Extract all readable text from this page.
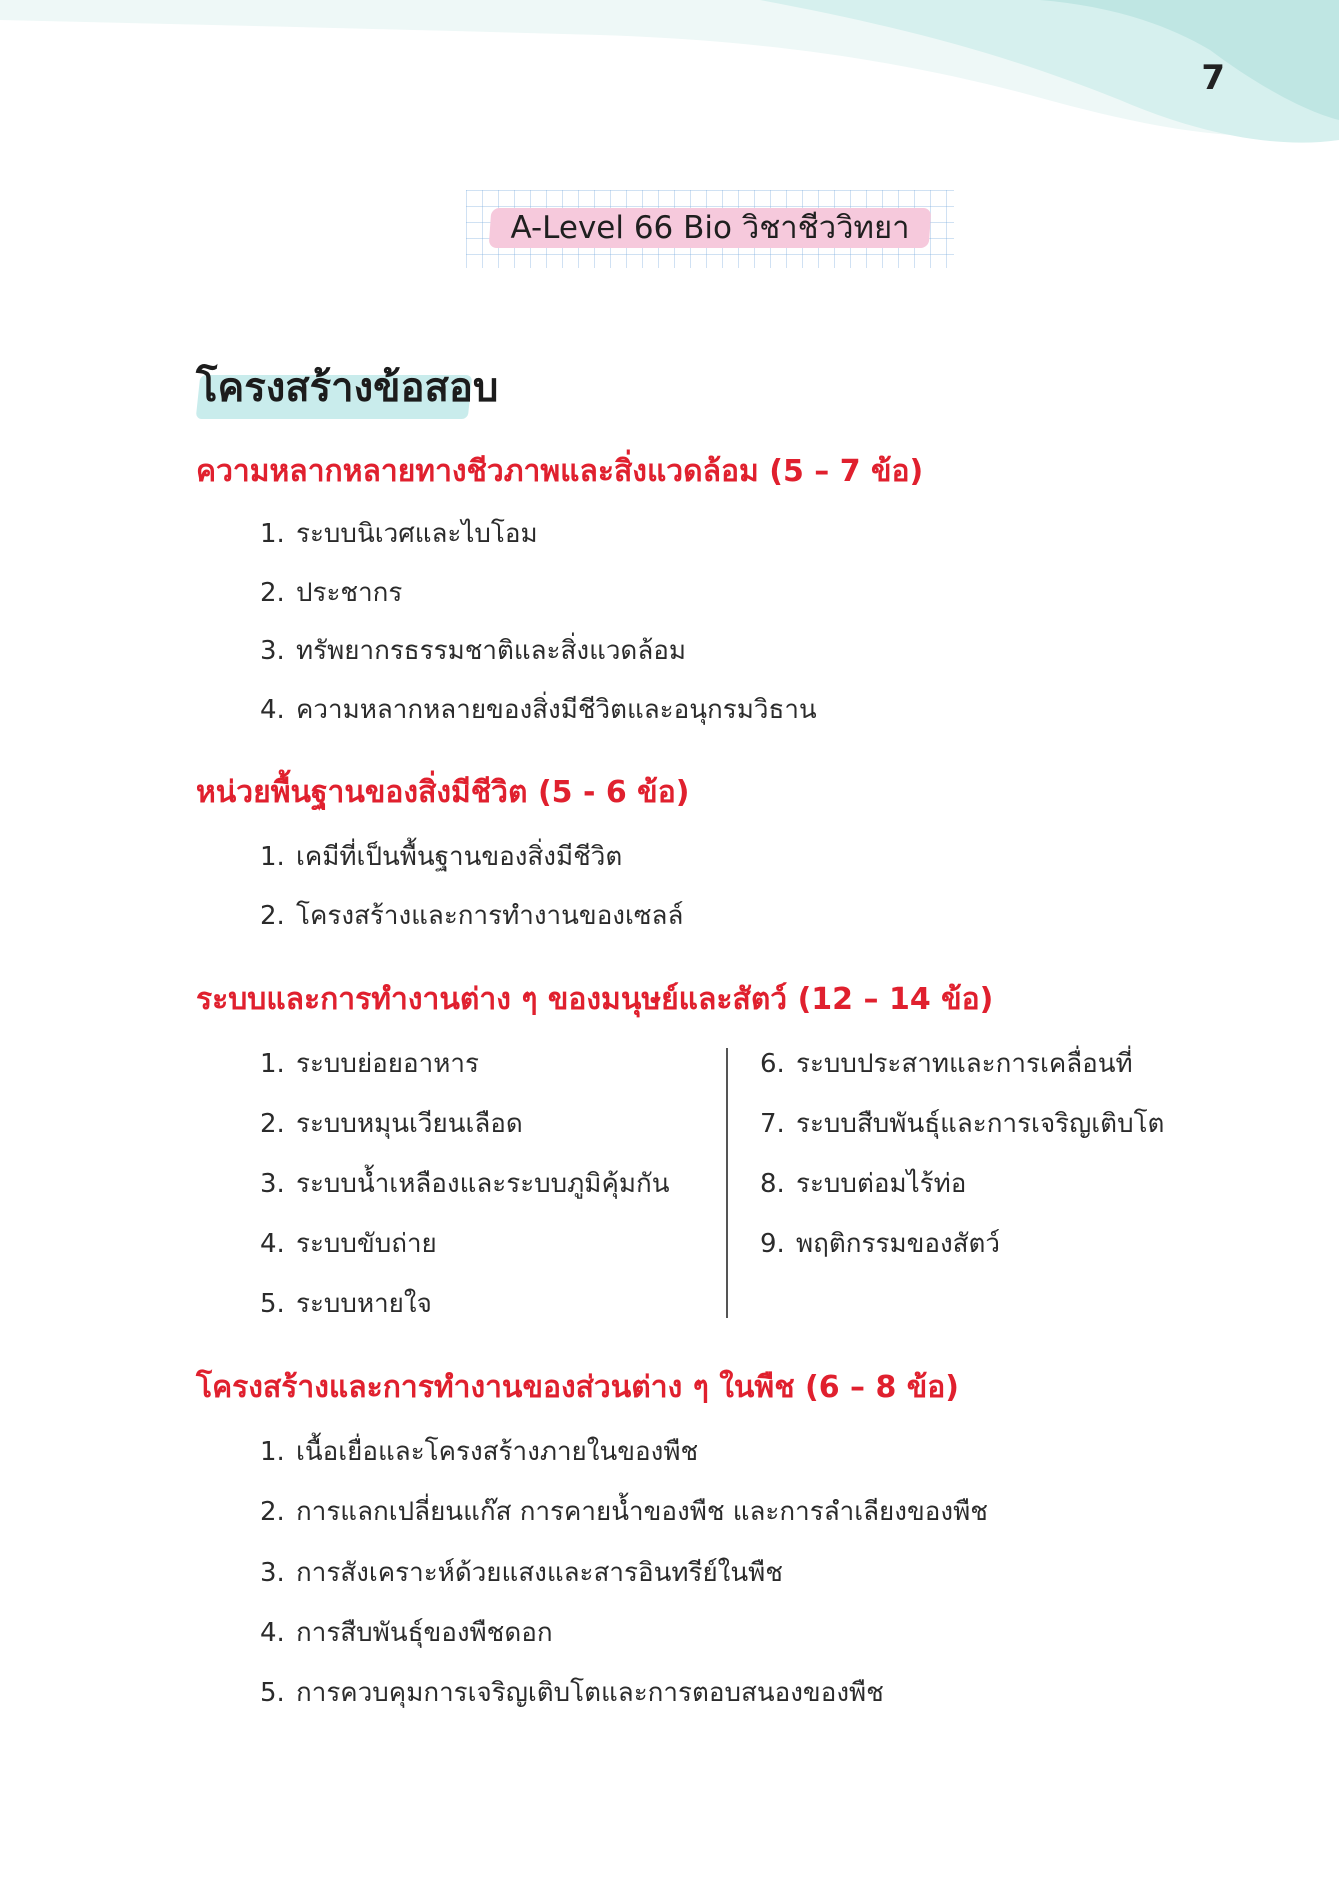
7
A-Level 66 Bio วิชาชีววิทยา
โครงสร้างข้อสอบ
ความหลากหลายทางชีวภาพและสิ่งแวดล้อม (5 – 7 ข้อ)
1. ระบบนิเวศและไบโอม
2. ประชากร
3. ทรัพยากรธรรมชาติและสิ่งแวดล้อม
4. ความหลากหลายของสิ่งมีชีวิตและอนุกรมวิธาน
หน่วยพื้นฐานของสิ่งมีชีวิต (5 - 6 ข้อ)
1. เคมีที่เป็นพื้นฐานของสิ่งมีชีวิต
2. โครงสร้างและการทำงานของเซลล์
ระบบและการทำงานต่าง ๆ ของมนุษย์และสัตว์ (12 – 14 ข้อ)
1. ระบบย่อยอาหาร
2. ระบบหมุนเวียนเลือด
3. ระบบน้ำเหลืองและระบบภูมิคุ้มกัน
4. ระบบขับถ่าย
5. ระบบหายใจ
6. ระบบประสาทและการเคลื่อนที่
7. ระบบสืบพันธุ์และการเจริญเติบโต
8. ระบบต่อมไร้ท่อ
9. พฤติกรรมของสัตว์
โครงสร้างและการทำงานของส่วนต่าง ๆ ในพืช (6 – 8 ข้อ)
1. เนื้อเยื่อและโครงสร้างภายในของพืช
2. การแลกเปลี่ยนแก๊ส การคายน้ำของพืช และการลำเลียงของพืช
3. การสังเคราะห์ด้วยแสงและสารอินทรีย์ในพืช
4. การสืบพันธุ์ของพืชดอก
5. การควบคุมการเจริญเติบโตและการตอบสนองของพืช
